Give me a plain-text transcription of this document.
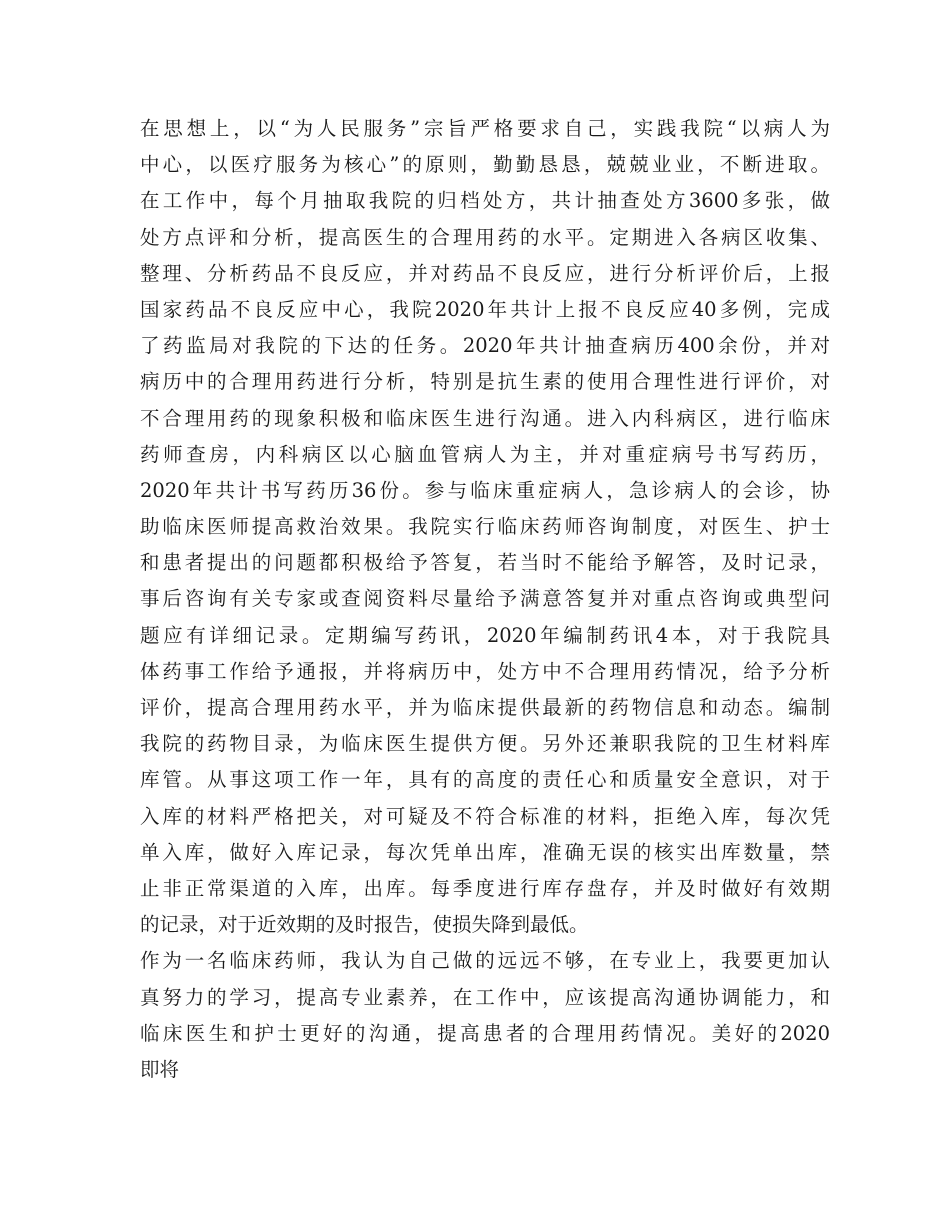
在思想上，以“为人民服务”宗旨严格要求自己，实践我院“以病人为
中心，以医疗服务为核心”的原则，勤勤恳恳，兢兢业业，不断进取。
在工作中，每个月抽取我院的归档处方，共计抽查处方3600多张，做
处方点评和分析，提高医生的合理用药的水平。定期进入各病区收集、
整理、分析药品不良反应，并对药品不良反应，进行分析评价后，上报
国家药品不良反应中心，我院2020年共计上报不良反应40多例，完成
了药监局对我院的下达的任务。2020年共计抽查病历400余份，并对
病历中的合理用药进行分析，特别是抗生素的使用合理性进行评价，对
不合理用药的现象积极和临床医生进行沟通。进入内科病区，进行临床
药师查房，内科病区以心脑血管病人为主，并对重症病号书写药历，
2020年共计书写药历36份。参与临床重症病人，急诊病人的会诊，协
助临床医师提高救治效果。我院实行临床药师咨询制度，对医生、护士
和患者提出的问题都积极给予答复，若当时不能给予解答，及时记录，
事后咨询有关专家或查阅资料尽量给予满意答复并对重点咨询或典型问
题应有详细记录。定期编写药讯，2020年编制药讯4本，对于我院具
体药事工作给予通报，并将病历中，处方中不合理用药情况，给予分析
评价，提高合理用药水平，并为临床提供最新的药物信息和动态。编制
我院的药物目录，为临床医生提供方便。另外还兼职我院的卫生材料库
库管。从事这项工作一年，具有的高度的责任心和质量安全意识，对于
入库的材料严格把关，对可疑及不符合标准的材料，拒绝入库，每次凭
单入库，做好入库记录，每次凭单出库，准确无误的核实出库数量，禁
止非正常渠道的入库，出库。每季度进行库存盘存，并及时做好有效期
的记录，对于近效期的及时报告，使损失降到最低。
作为一名临床药师，我认为自己做的远远不够，在专业上，我要更加认
真努力的学习，提高专业素养，在工作中，应该提高沟通协调能力，和
临床医生和护士更好的沟通，提高患者的合理用药情况。美好的2020
即将
